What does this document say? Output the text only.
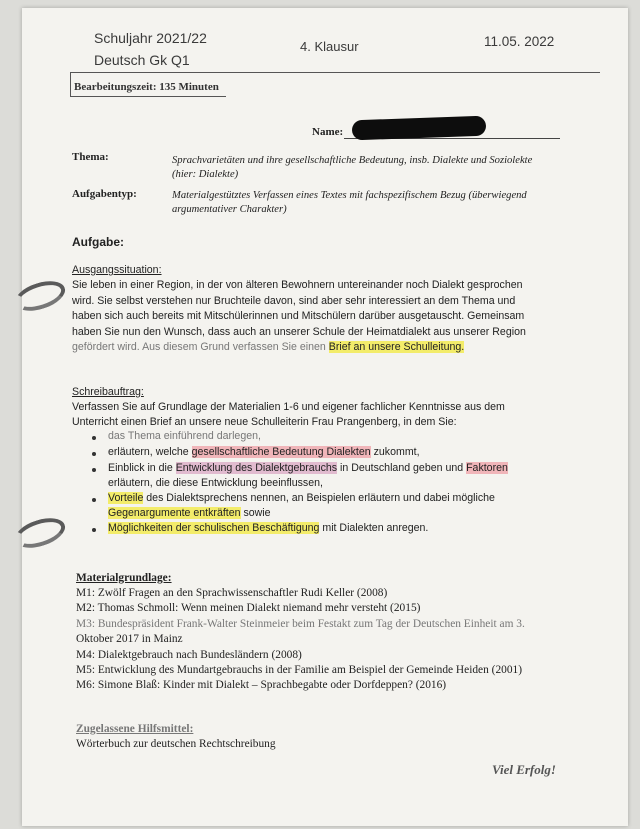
Schuljahr 2021/22
Deutsch Gk Q1
4. Klausur	11.05. 2022
Bearbeitungszeit: 135 Minuten
Name:
Thema:	Sprachvarietäten und ihre gesellschaftliche Bedeutung, insb. Dialekte und Soziolekte
(hier: Dialekte)
Aufgabentyp:	Materialgestütztes Verfassen eines Textes mit fachspezifischem Bezug (überwiegend
argumentativer Charakter)
Aufgabe:
Ausgangssituation:
Sie leben in einer Region, in der von älteren Bewohnern untereinander noch Dialekt gesprochen
wird. Sie selbst verstehen nur Bruchteile davon, sind aber sehr interessiert an dem Thema und
haben sich auch bereits mit Mitschülerinnen und Mitschülern darüber ausgetauscht. Gemeinsam
haben Sie nun den Wunsch, dass auch an unserer Schule der Heimatdialekt aus unserer Region
gefördert wird. Aus diesem Grund verfassen Sie einen Brief an unsere Schulleitung.
Schreibauftrag:
Verfassen Sie auf Grundlage der Materialien 1-6 und eigener fachlicher Kenntnisse aus dem
Unterricht einen Brief an unsere neue Schulleiterin Frau Prangenberg, in dem Sie:
das Thema einführend darlegen,
erläutern, welche gesellschaftliche Bedeutung Dialekten zukommt,
Einblick in die Entwicklung des Dialektgebrauchs in Deutschland geben und Faktoren
erläutern, die diese Entwicklung beeinflussen,
Vorteile des Dialektsprechens nennen, an Beispielen erläutern und dabei mögliche
Gegenargumente entkräften sowie
Möglichkeiten der schulischen Beschäftigung mit Dialekten anregen.
Materialgrundlage:
M1: Zwölf Fragen an den Sprachwissenschaftler Rudi Keller (2008)
M2: Thomas Schmoll: Wenn meinen Dialekt niemand mehr versteht (2015)
M3: Bundespräsident Frank-Walter Steinmeier beim Festakt zum Tag der Deutschen Einheit am 3.
Oktober 2017 in Mainz
M4: Dialektgebrauch nach Bundesländern (2008)
M5: Entwicklung des Mundartgebrauchs in der Familie am Beispiel der Gemeinde Heiden (2001)
M6: Simone Blaß: Kinder mit Dialekt – Sprachbegabte oder Dorfdeppen? (2016)
Zugelassene Hilfsmittel:
Wörterbuch zur deutschen Rechtschreibung
Viel Erfolg!
